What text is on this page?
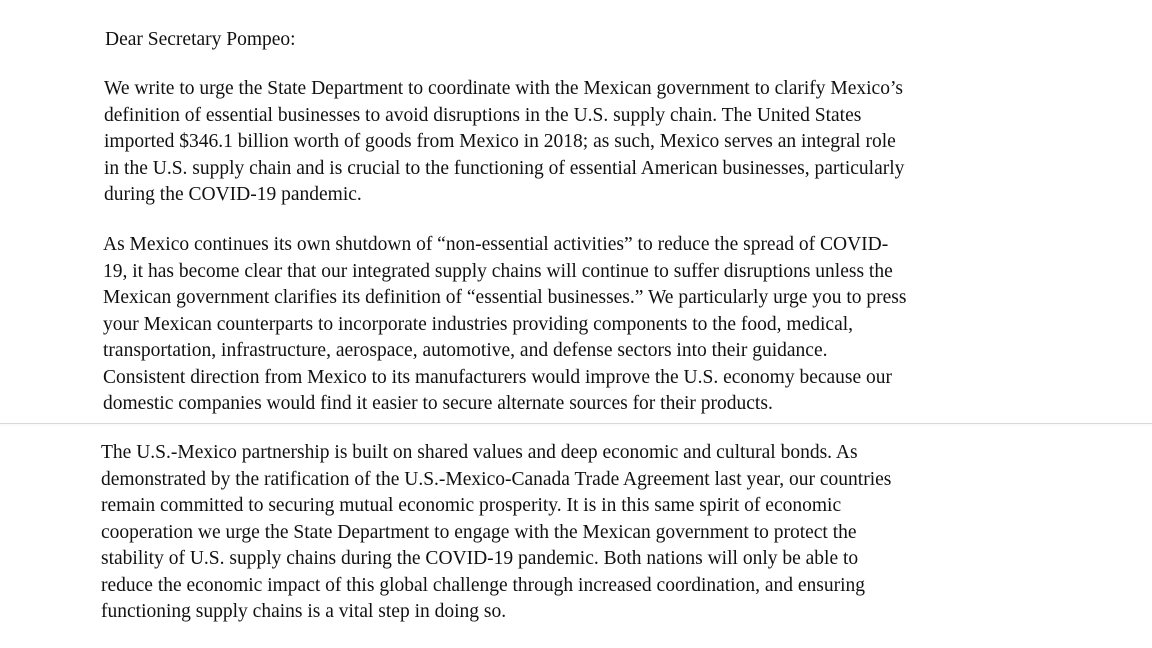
Dear Secretary Pompeo:

We write to urge the State Department to coordinate with the Mexican government to clarify Mexico’s
definition of essential businesses to avoid disruptions in the U.S. supply chain. The United States
imported $346.1 billion worth of goods from Mexico in 2018; as such, Mexico serves an integral role
in the U.S. supply chain and is crucial to the functioning of essential American businesses, particularly
during the COVID-19 pandemic.

As Mexico continues its own shutdown of “non-essential activities” to reduce the spread of COVID-
19, it has become clear that our integrated supply chains will continue to suffer disruptions unless the
Mexican government clarifies its definition of “essential businesses.” We particularly urge you to press
your Mexican counterparts to incorporate industries providing components to the food, medical,
transportation, infrastructure, aerospace, automotive, and defense sectors into their guidance.
Consistent direction from Mexico to its manufacturers would improve the U.S. economy because our
domestic companies would find it easier to secure alternate sources for their products.

The U.S.-Mexico partnership is built on shared values and deep economic and cultural bonds. As
demonstrated by the ratification of the U.S.-Mexico-Canada Trade Agreement last year, our countries
remain committed to securing mutual economic prosperity. It is in this same spirit of economic
cooperation we urge the State Department to engage with the Mexican government to protect the
stability of U.S. supply chains during the COVID-19 pandemic. Both nations will only be able to
reduce the economic impact of this global challenge through increased coordination, and ensuring
functioning supply chains is a vital step in doing so.
